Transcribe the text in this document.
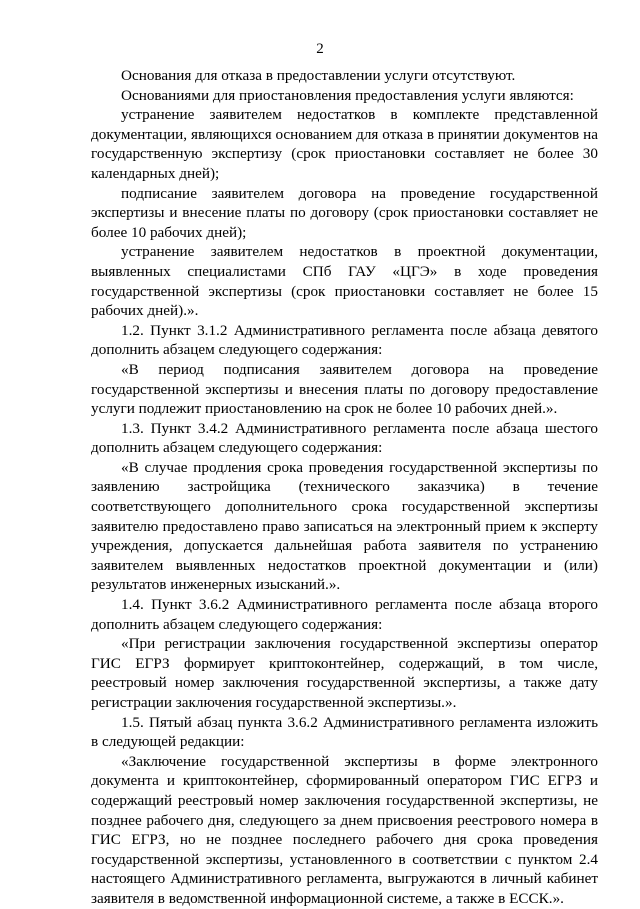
2

Основания для отказа в предоставлении услуги отсутствуют.

Основаниями для приостановления предоставления услуги являются:

устранение заявителем недостатков в комплекте представленной документации, являющихся основанием для отказа в принятии документов на государственную экспертизу (срок приостановки составляет не более 30 календарных дней);

подписание заявителем договора на проведение государственной экспертизы и внесение платы по договору (срок приостановки составляет не более 10 рабочих дней);

устранение заявителем недостатков в проектной документации, выявленных специалистами СПб ГАУ «ЦГЭ» в ходе проведения государственной экспертизы (срок приостановки составляет не более 15 рабочих дней).».

1.2. Пункт 3.1.2 Административного регламента после абзаца девятого дополнить абзацем следующего содержания:

«В период подписания заявителем договора на проведение государственной экспертизы и внесения платы по договору предоставление услуги подлежит приостановлению на срок не более 10 рабочих дней.».

1.3. Пункт 3.4.2 Административного регламента после абзаца шестого дополнить абзацем следующего содержания:

«В случае продления срока проведения государственной экспертизы по заявлению застройщика (технического заказчика) в течение соответствующего дополнительного срока государственной экспертизы заявителю предоставлено право записаться на электронный прием к эксперту учреждения, допускается дальнейшая работа заявителя по устранению заявителем выявленных недостатков проектной документации и (или) результатов инженерных изысканий.».

1.4. Пункт 3.6.2 Административного регламента после абзаца второго дополнить абзацем следующего содержания:

«При регистрации заключения государственной экспертизы оператор ГИС ЕГРЗ формирует криптоконтейнер, содержащий, в том числе, реестровый номер заключения государственной экспертизы, а также дату регистрации заключения государственной экспертизы.».

1.5. Пятый абзац пункта 3.6.2 Административного регламента изложить в следующей редакции:

«Заключение государственной экспертизы в форме электронного документа и криптоконтейнер, сформированный оператором ГИС ЕГРЗ и содержащий реестровый номер заключения государственной экспертизы, не позднее рабочего дня, следующего за днем присвоения реестрового номера в ГИС ЕГРЗ, но не позднее последнего рабочего дня срока проведения государственной экспертизы, установленного в соответствии с пунктом 2.4 настоящего Административного регламента, выгружаются в личный кабинет заявителя в ведомственной информационной системе, а также в ЕССК.».
